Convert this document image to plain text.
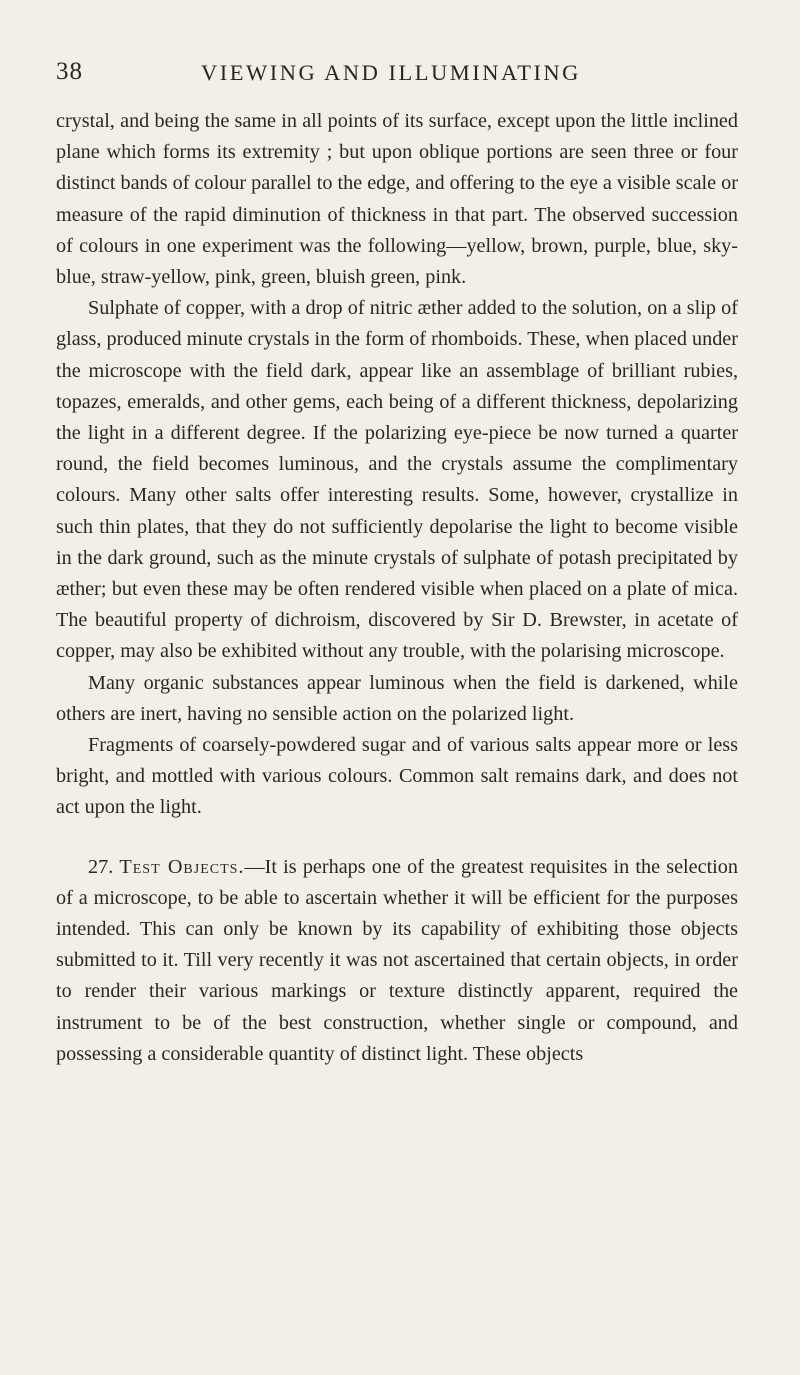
38	VIEWING AND ILLUMINATING

crystal, and being the same in all points of its surface, except upon the little inclined plane which forms its extremity ; but upon oblique portions are seen three or four distinct bands of colour parallel to the edge, and offering to the eye a visible scale or measure of the rapid diminution of thickness in that part. The observed succession of colours in one experiment was the following—yellow, brown, purple, blue, sky-blue, straw-yellow, pink, green, bluish green, pink.

Sulphate of copper, with a drop of nitric æther added to the solution, on a slip of glass, produced minute crystals in the form of rhomboids. These, when placed under the microscope with the field dark, appear like an assemblage of brilliant rubies, topazes, emeralds, and other gems, each being of a different thickness, depolarizing the light in a different degree. If the polarizing eye-piece be now turned a quarter round, the field becomes luminous, and the crystals assume the complimentary colours. Many other salts offer interesting results. Some, however, crystallize in such thin plates, that they do not sufficiently depolarise the light to become visible in the dark ground, such as the minute crystals of sulphate of potash precipitated by æther; but even these may be often rendered visible when placed on a plate of mica. The beautiful property of dichroism, discovered by Sir D. Brewster, in acetate of copper, may also be exhibited without any trouble, with the polarising microscope.

Many organic substances appear luminous when the field is darkened, while others are inert, having no sensible action on the polarized light.

Fragments of coarsely-powdered sugar and of various salts appear more or less bright, and mottled with various colours. Common salt remains dark, and does not act upon the light.

27. Test Objects.—It is perhaps one of the greatest requisites in the selection of a microscope, to be able to ascertain whether it will be efficient for the purposes intended. This can only be known by its capability of exhibiting those objects submitted to it. Till very recently it was not ascertained that certain objects, in order to render their various markings or texture distinctly apparent, required the instrument to be of the best construction, whether single or compound, and possessing a considerable quantity of distinct light. These objects
